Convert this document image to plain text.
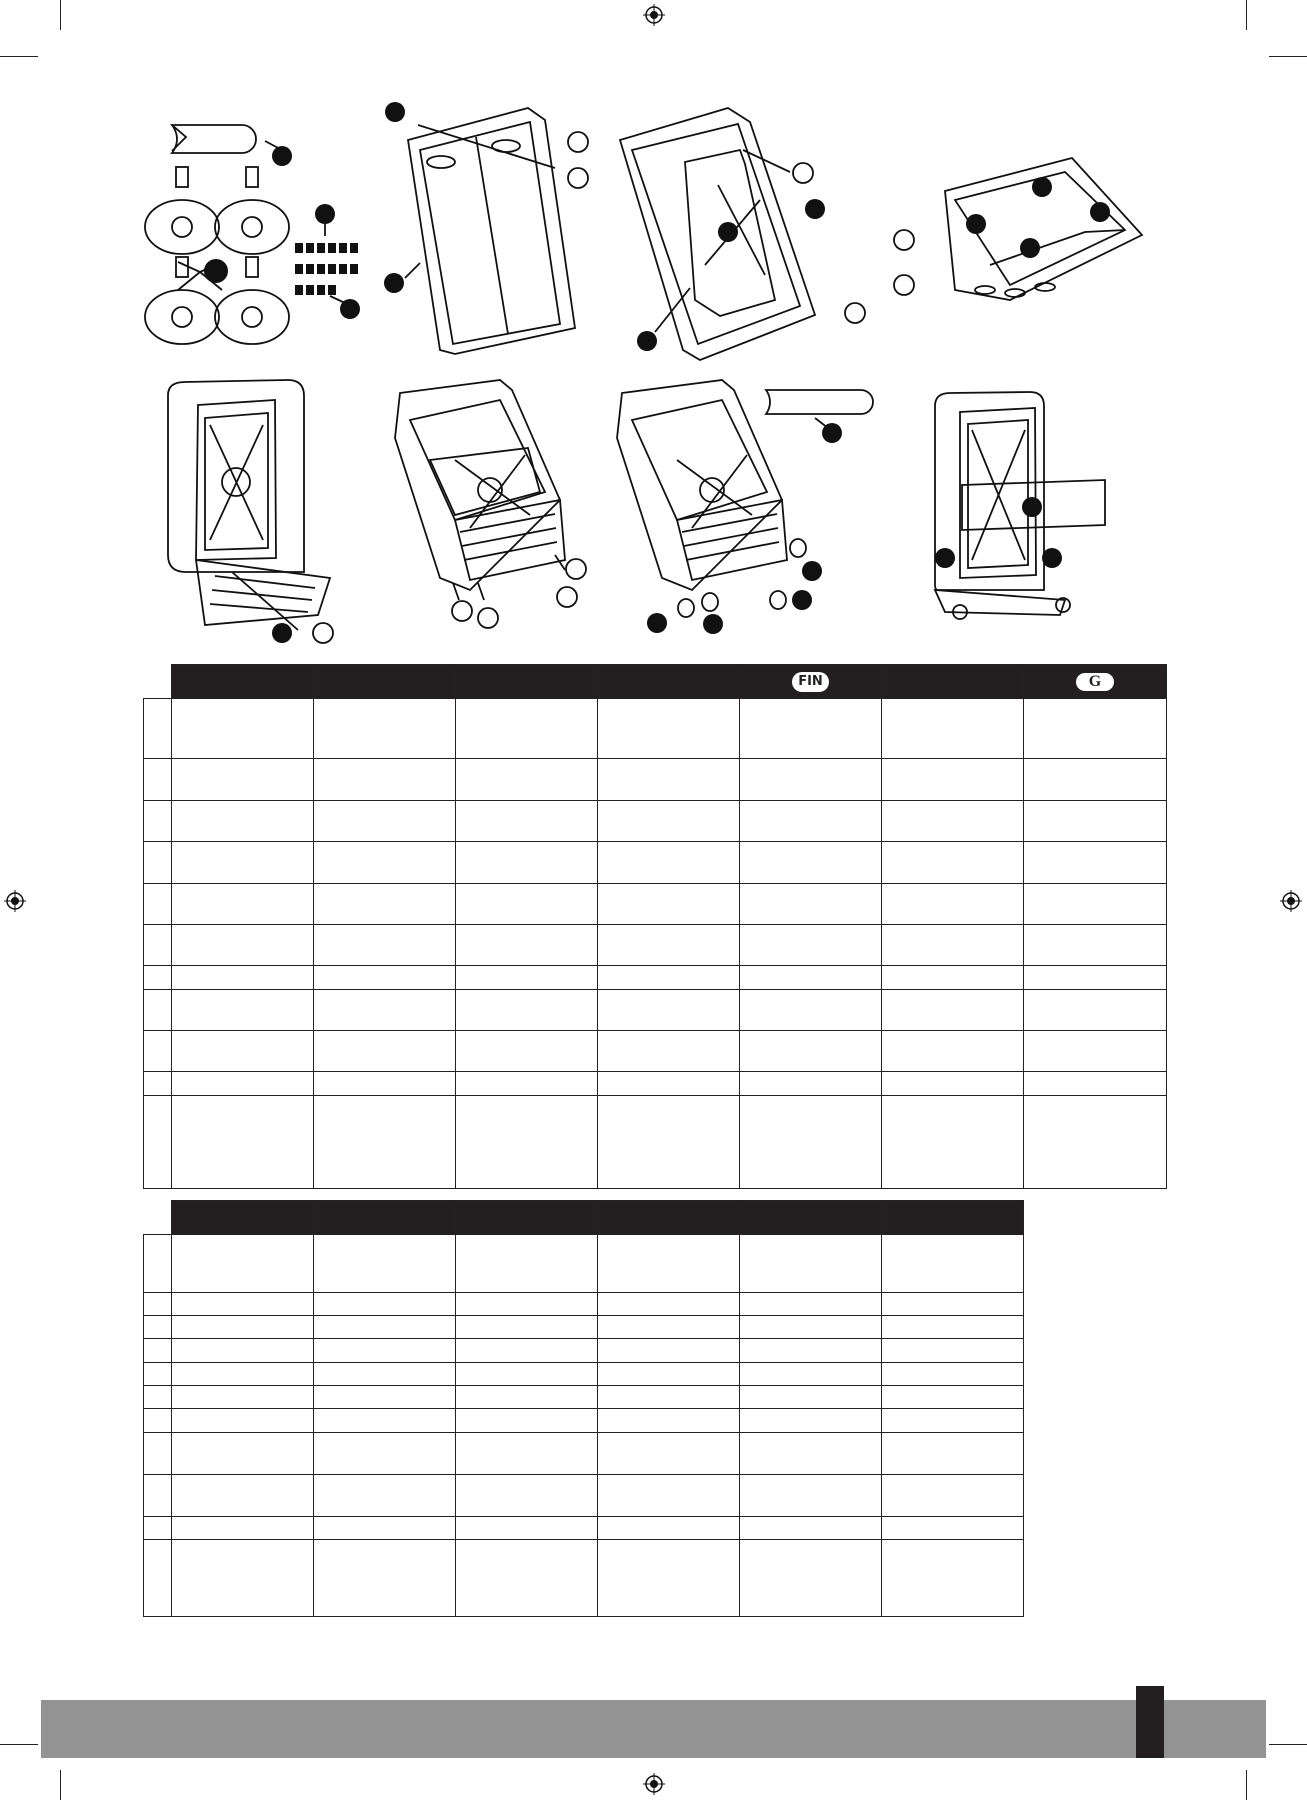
					FIN		G
